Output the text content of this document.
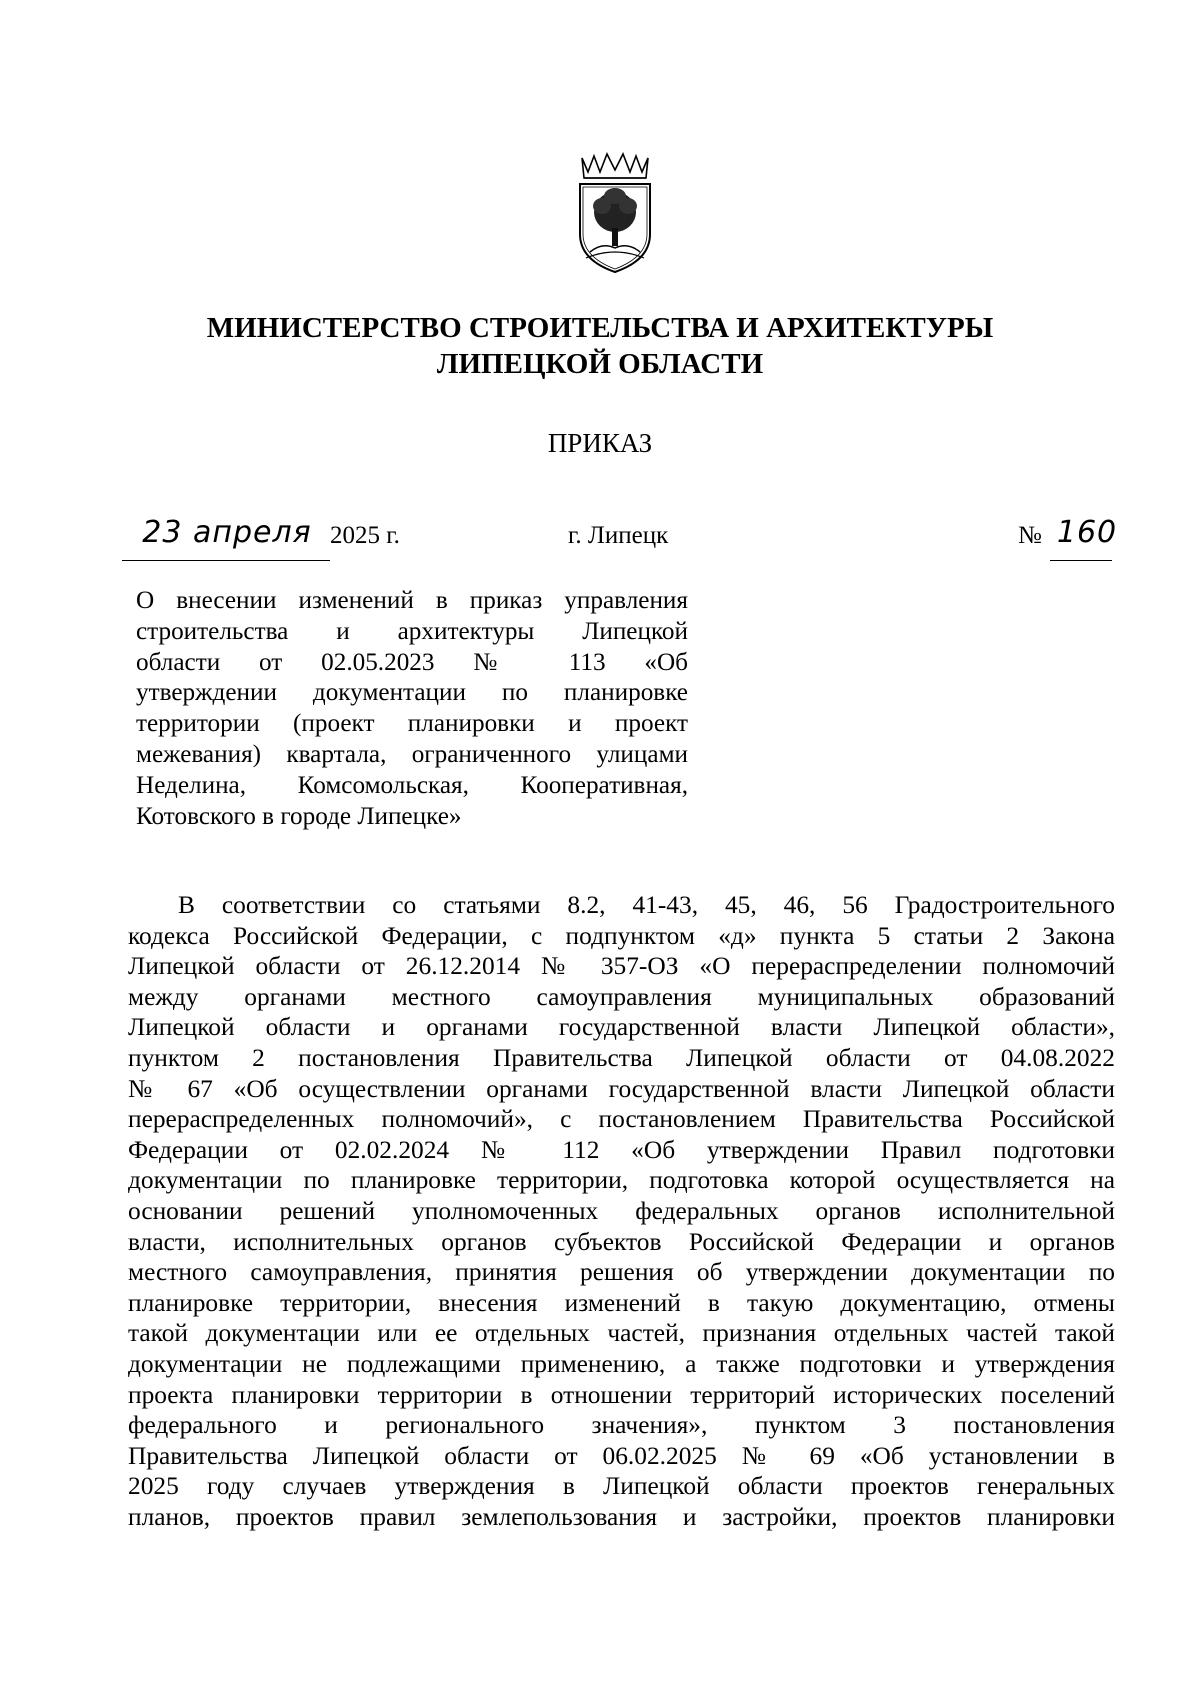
МИНИСТЕРСТВО СТРОИТЕЛЬСТВА И АРХИТЕКТУРЫ
ЛИПЕЦКОЙ ОБЛАСТИ
ПРИКАЗ
23 апреля 2025 г.	г. Липецк	№ 160
О внесении изменений в приказ управления
строительства и архитектуры Липецкой
области от 02.05.2023 № 113 «Об
утверждении документации по планировке
территории (проект планировки и проект
межевания) квартала, ограниченного улицами
Неделина, Комсомольская, Кооперативная,
Котовского в городе Липецке»
В соответствии со статьями 8.2, 41-43, 45, 46, 56 Градостроительного
кодекса Российской Федерации, с подпунктом «д» пункта 5 статьи 2 Закона
Липецкой области от 26.12.2014 № 357-ОЗ «О перераспределении полномочий
между органами местного самоуправления муниципальных образований
Липецкой области и органами государственной власти Липецкой области»,
пунктом 2 постановления Правительства Липецкой области от 04.08.2022
№ 67 «Об осуществлении органами государственной власти Липецкой области
перераспределенных полномочий», с постановлением Правительства Российской
Федерации от 02.02.2024 № 112 «Об утверждении Правил подготовки
документации по планировке территории, подготовка которой осуществляется на
основании решений уполномоченных федеральных органов исполнительной
власти, исполнительных органов субъектов Российской Федерации и органов
местного самоуправления, принятия решения об утверждении документации по
планировке территории, внесения изменений в такую документацию, отмены
такой документации или ее отдельных частей, признания отдельных частей такой
документации не подлежащими применению, а также подготовки и утверждения
проекта планировки территории в отношении территорий исторических поселений
федерального и регионального значения», пунктом 3 постановления
Правительства Липецкой области от 06.02.2025 № 69 «Об установлении в
2025 году случаев утверждения в Липецкой области проектов генеральных
планов, проектов правил землепользования и застройки, проектов планировки
